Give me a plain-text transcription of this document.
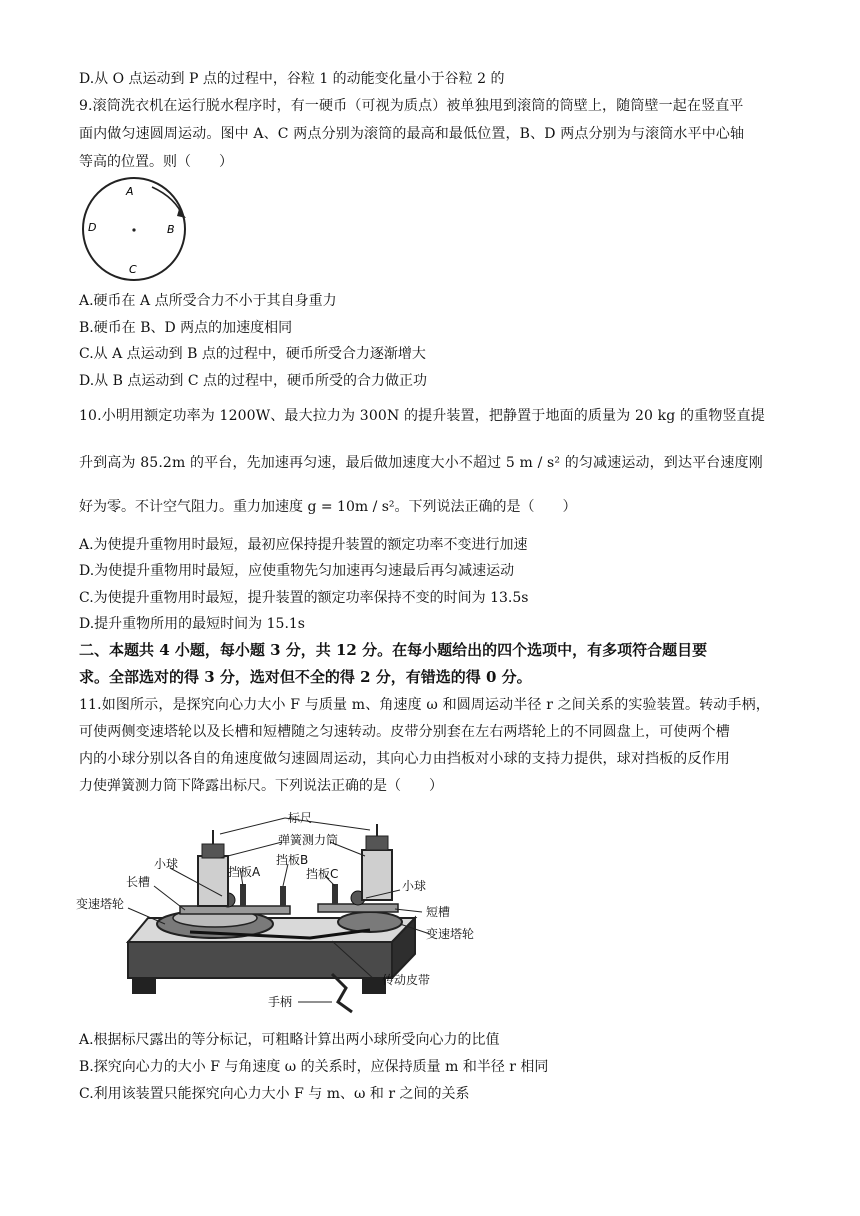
D.从 O 点运动到 P 点的过程中，谷粒 1 的动能变化量小于谷粒 2 的
9.滚筒洗衣机在运行脱水程序时，有一硬币（可视为质点）被单独甩到滚筒的筒壁上，随筒壁一起在竖直平
面内做匀速圆周运动。图中 A、C 两点分别为滚筒的最高和最低位置，B、D 两点分别为与滚筒水平中心轴
等高的位置。则（　　）
A
B
C
D
A.硬币在 A 点所受合力不小于其自身重力
B.硬币在 B、D 两点的加速度相同
C.从 A 点运动到 B 点的过程中，硬币所受合力逐渐增大
D.从 B 点运动到 C 点的过程中，硬币所受的合力做正功
10.小明用额定功率为 1200W、最大拉力为 300N 的提升装置，把静置于地面的质量为 20 kg 的重物竖直提
升到高为 85.2m 的平台，先加速再匀速，最后做加速度大小不超过 5 m / s² 的匀减速运动，到达平台速度刚
好为零。不计空气阻力。重力加速度 g = 10m / s²。下列说法正确的是（　　）
A.为使提升重物用时最短，最初应保持提升装置的额定功率不变进行加速
D.为使提升重物用时最短，应使重物先匀加速再匀速最后再匀减速运动
C.为使提升重物用时最短，提升装置的额定功率保持不变的时间为 13.5s
D.提升重物所用的最短时间为 15.1s
二、本题共 4 小题，每小题 3 分，共 12 分。在每小题给出的四个选项中，有多项符合题目要
求。全部选对的得 3 分，选对但不全的得 2 分，有错选的得 0 分。
11.如图所示，是探究向心力大小 F 与质量 m、角速度 ω 和圆周运动半径 r 之间关系的实验装置。转动手柄，
可使两侧变速塔轮以及长槽和短槽随之匀速转动。皮带分别套在左右两塔轮上的不同圆盘上，可使两个槽
内的小球分别以各自的角速度做匀速圆周运动，其向心力由挡板对小球的支持力提供，球对挡板的反作用
力使弹簧测力筒下降露出标尺。下列说法正确的是（　　）
标尺
弹簧测力筒
挡板B
小球
挡板A	挡板C
长槽	小球
变速塔轮
短槽
变速塔轮
手柄
传动皮带
A.根据标尺露出的等分标记，可粗略计算出两小球所受向心力的比值
B.探究向心力的大小 F 与角速度 ω 的关系时，应保持质量 m 和半径 r 相同
C.利用该装置只能探究向心力大小 F 与 m、ω 和 r 之间的关系
